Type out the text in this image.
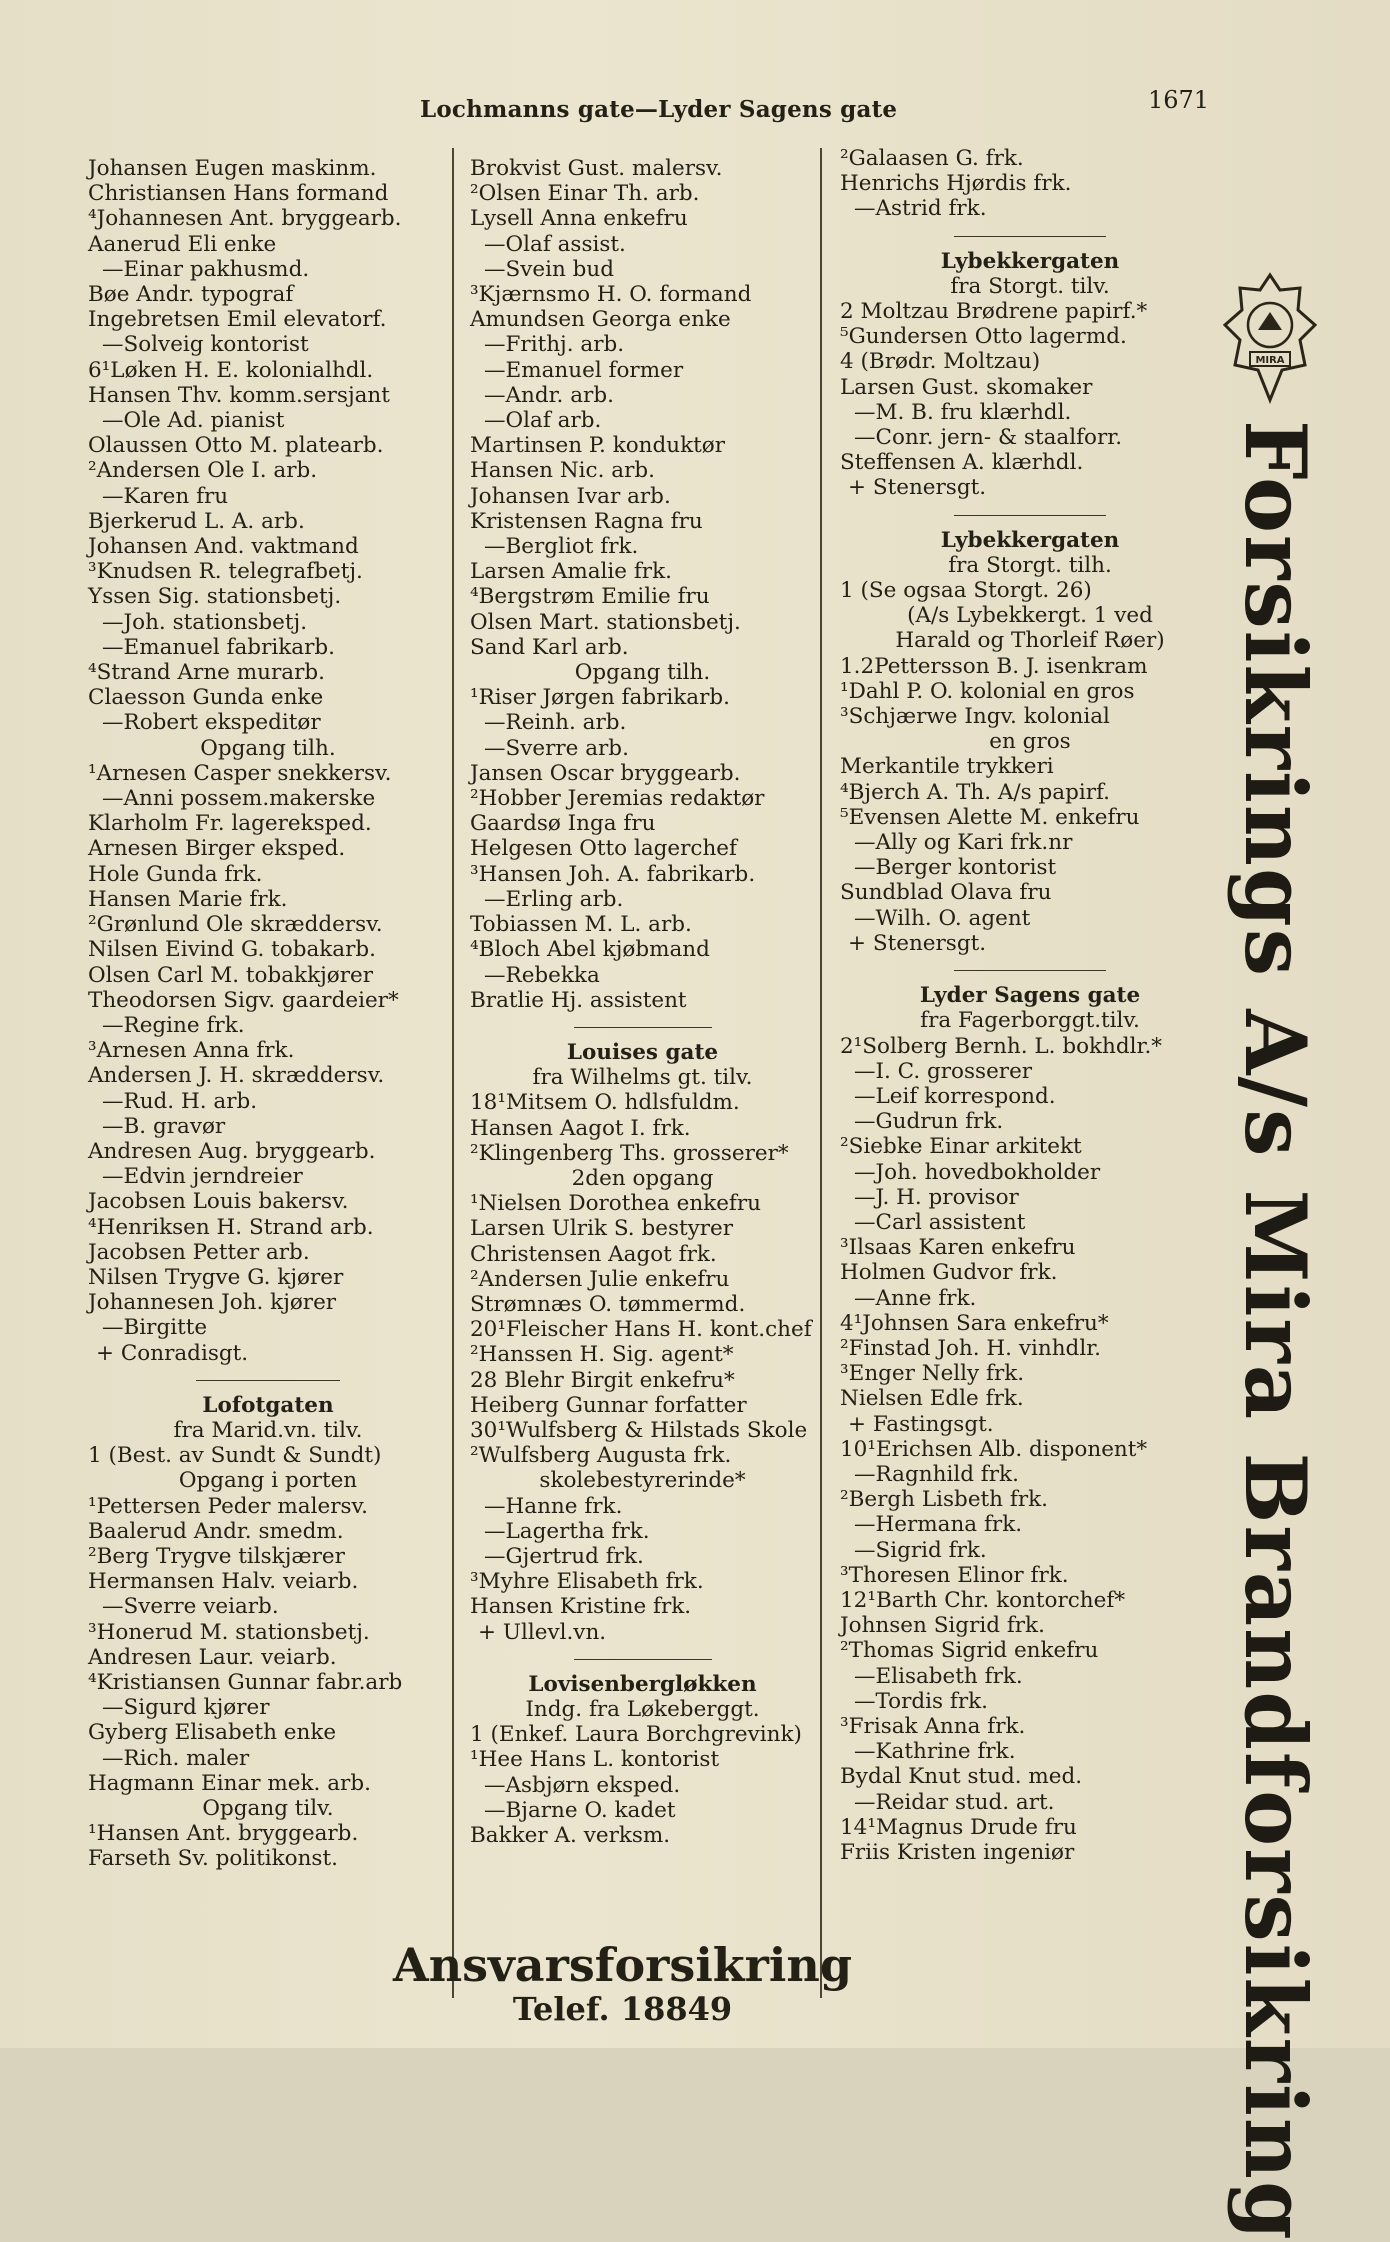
Lochmanns gate—Lyder Sagens gate	1671
Johansen Eugen maskinm.
Christiansen Hans formand
⁴Johannesen Ant. bryggearb.
Aanerud Eli enke
—Einar pakhusmd.
Bøe Andr. typograf
Ingebretsen Emil elevatorf.
—Solveig kontorist
6¹Løken H. E. kolonialhdl.
Hansen Thv. komm.sersjant
—Ole Ad. pianist
Olaussen Otto M. platearb.
²Andersen Ole I. arb.
—Karen fru
Bjerkerud L. A. arb.
Johansen And. vaktmand
³Knudsen R. telegrafbetj.
Yssen Sig. stationsbetj.
—Joh. stationsbetj.
—Emanuel fabrikarb.
⁴Strand Arne murarb.
Claesson Gunda enke
—Robert ekspeditør
Opgang tilh.
¹Arnesen Casper snekkersv.
—Anni possem.makerske
Klarholm Fr. lagereksped.
Arnesen Birger eksped.
Hole Gunda frk.
Hansen Marie frk.
²Grønlund Ole skræddersv.
Nilsen Eivind G. tobakarb.
Olsen Carl M. tobakkjører
Theodorsen Sigv. gaardeier*
—Regine frk.
³Arnesen Anna frk.
Andersen J. H. skræddersv.
—Rud. H. arb.
—B. gravør
Andresen Aug. bryggearb.
—Edvin jerndreier
Jacobsen Louis bakersv.
⁴Henriksen H. Strand arb.
Jacobsen Petter arb.
Nilsen Trygve G. kjører
Johannesen Joh. kjører
—Birgitte
+ Conradisgt.
Lofotgaten
fra Marid.vn. tilv.
1 (Best. av Sundt & Sundt)
Opgang i porten
¹Pettersen Peder malersv.
Baalerud Andr. smedm.
²Berg Trygve tilskjærer
Hermansen Halv. veiarb.
—Sverre veiarb.
³Honerud M. stationsbetj.
Andresen Laur. veiarb.
⁴Kristiansen Gunnar fabr.arb
—Sigurd kjører
Gyberg Elisabeth enke
—Rich. maler
Hagmann Einar mek. arb.
Opgang tilv.
¹Hansen Ant. bryggearb.
Farseth Sv. politikonst.
Brokvist Gust. malersv.
²Olsen Einar Th. arb.
Lysell Anna enkefru
—Olaf assist.
—Svein bud
³Kjærnsmo H. O. formand
Amundsen Georga enke
—Frithj. arb.
—Emanuel former
—Andr. arb.
—Olaf arb.
Martinsen P. konduktør
Hansen Nic. arb.
Johansen Ivar arb.
Kristensen Ragna fru
—Bergliot frk.
Larsen Amalie frk.
⁴Bergstrøm Emilie fru
Olsen Mart. stationsbetj.
Sand Karl arb.
Opgang tilh.
¹Riser Jørgen fabrikarb.
—Reinh. arb.
—Sverre arb.
Jansen Oscar bryggearb.
²Hobber Jeremias redaktør
Gaardsø Inga fru
Helgesen Otto lagerchef
³Hansen Joh. A. fabrikarb.
—Erling arb.
Tobiassen M. L. arb.
⁴Bloch Abel kjøbmand
—Rebekka
Bratlie Hj. assistent
Louises gate
fra Wilhelms gt. tilv.
18¹Mitsem O. hdlsfuldm.
Hansen Aagot I. frk.
²Klingenberg Ths. grosserer*
2den opgang
¹Nielsen Dorothea enkefru
Larsen Ulrik S. bestyrer
Christensen Aagot frk.
²Andersen Julie enkefru
Strømnæs O. tømmermd.
20¹Fleischer Hans H. kont.chef
²Hanssen H. Sig. agent*
28 Blehr Birgit enkefru*
Heiberg Gunnar forfatter
30¹Wulfsberg & Hilstads Skole
²Wulfsberg Augusta frk.
skolebestyrerinde*
—Hanne frk.
—Lagertha frk.
—Gjertrud frk.
³Myhre Elisabeth frk.
Hansen Kristine frk.
+ Ullevl.vn.
Lovisenbergløkken
Indg. fra Løkeberggt.
1 (Enkef. Laura Borchgrevink)
¹Hee Hans L. kontorist
—Asbjørn eksped.
—Bjarne O. kadet
Bakker A. verksm.
²Galaasen G. frk.
Henrichs Hjørdis frk.
—Astrid frk.
Lybekkergaten
fra Storgt. tilv.
2 Moltzau Brødrene papirf.*
⁵Gundersen Otto lagermd.
4 (Brødr. Moltzau)
Larsen Gust. skomaker
—M. B. fru klærhdl.
—Conr. jern- & staalforr.
Steffensen A. klærhdl.
+ Stenersgt.
Lybekkergaten
fra Storgt. tilh.
1 (Se ogsaa Storgt. 26)
(A/s Lybekkergt. 1 ved
Harald og Thorleif Røer)
1.2Pettersson B. J. isenkram
¹Dahl P. O. kolonial en gros
³Schjærwe Ingv. kolonial
en gros
Merkantile trykkeri
⁴Bjerch A. Th. A/s papirf.
⁵Evensen Alette M. enkefru
—Ally og Kari frk.nr
—Berger kontorist
Sundblad Olava fru
—Wilh. O. agent
+ Stenersgt.
Lyder Sagens gate
fra Fagerborggt.tilv.
2¹Solberg Bernh. L. bokhdlr.*
—I. C. grosserer
—Leif korrespond.
—Gudrun frk.
²Siebke Einar arkitekt
—Joh. hovedbokholder
—J. H. provisor
—Carl assistent
³Ilsaas Karen enkefru
Holmen Gudvor frk.
—Anne frk.
4¹Johnsen Sara enkefru*
²Finstad Joh. H. vinhdlr.
³Enger Nelly frk.
Nielsen Edle frk.
+ Fastingsgt.
10¹Erichsen Alb. disponent*
—Ragnhild frk.
²Bergh Lisbeth frk.
—Hermana frk.
—Sigrid frk.
³Thoresen Elinor frk.
12¹Barth Chr. kontorchef*
Johnsen Sigrid frk.
²Thomas Sigrid enkefru
—Elisabeth frk.
—Tordis frk.
³Frisak Anna frk.
—Kathrine frk.
Bydal Knut stud. med.
—Reidar stud. art.
14¹Magnus Drude fru
Friis Kristen ingeniør
MIRA
Forsikrings A/s Mira Brandforsikring
Ansvarsforsikring
Telef. 18849
